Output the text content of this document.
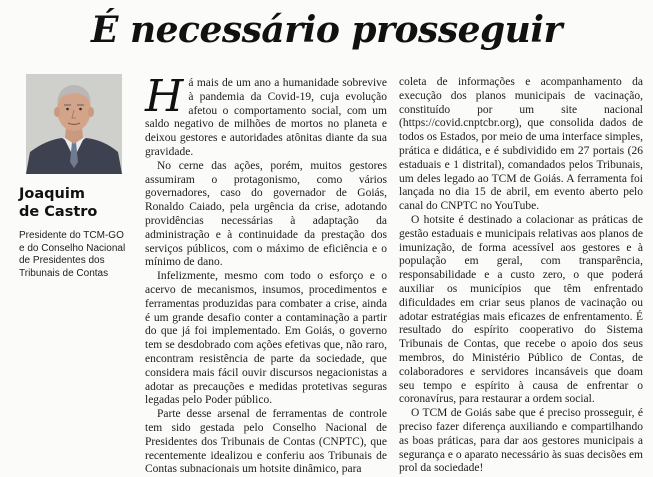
É necessário prosseguir
Joaquim
de Castro
Presidente do TCM-GO
e do Conselho Nacional
de Presidentes dos
Tribunais de Contas

Há mais de um ano a humanidade sobrevive à pandemia da Covid-19, cuja evolução afetou o comportamento social, com um saldo negativo de milhões de mortos no planeta e deixou gestores e autoridades atônitas diante da sua gravidade.

No cerne das ações, porém, muitos gestores assumiram o protagonismo, como vários governadores, caso do governador de Goiás, Ronaldo Caiado, pela urgência da crise, adotando providências necessárias à adaptação da administração e à continuidade da prestação dos serviços públicos, com o máximo de eficiência e o mínimo de dano.

Infelizmente, mesmo com todo o esforço e o acervo de mecanismos, insumos, procedimentos e ferramentas produzidas para combater a crise, ainda é um grande desafio conter a contaminação a partir do que já foi implementado. Em Goiás, o governo tem se desdobrado com ações efetivas que, não raro, encontram resistência de parte da sociedade, que considera mais fácil ouvir discursos negacionistas a adotar as precauções e medidas protetivas seguras legadas pelo Poder público.

Parte desse arsenal de ferramentas de controle tem sido gestada pelo Conselho Nacional de Presidentes dos Tribunais de Contas (CNPTC), que recentemente idealizou e conferiu aos Tribunais de Contas subnacionais um hotsite dinâmico, para

coleta de informações e acompanhamento da execução dos planos municipais de vacinação, constituído por um site nacional (https://covid.cnptcbr.org), que consolida dados de todos os Estados, por meio de uma interface simples, prática e didática, e é subdividido em 27 portais (26 estaduais e 1 distrital), comandados pelos Tribunais, um deles legado ao TCM de Goiás. A ferramenta foi lançada no dia 15 de abril, em evento aberto pelo canal do CNPTC no YouTube.

O hotsite é destinado a colacionar as práticas de gestão estaduais e municipais relativas aos planos de imunização, de forma acessível aos gestores e à população em geral, com transparência, responsabilidade e a custo zero, o que poderá auxiliar os municípios que têm enfrentado dificuldades em criar seus planos de vacinação ou adotar estratégias mais eficazes de enfrentamento. É resultado do espírito cooperativo do Sistema Tribunais de Contas, que recebe o apoio dos seus membros, do Ministério Público de Contas, de colaboradores e servidores incansáveis que doam seu tempo e espírito à causa de enfrentar o coronavírus, para restaurar a ordem social.

O TCM de Goiás sabe que é preciso prosseguir, é preciso fazer diferença auxiliando e compartilhando as boas práticas, para dar aos gestores municipais a segurança e o aparato necessário às suas decisões em prol da sociedade!
